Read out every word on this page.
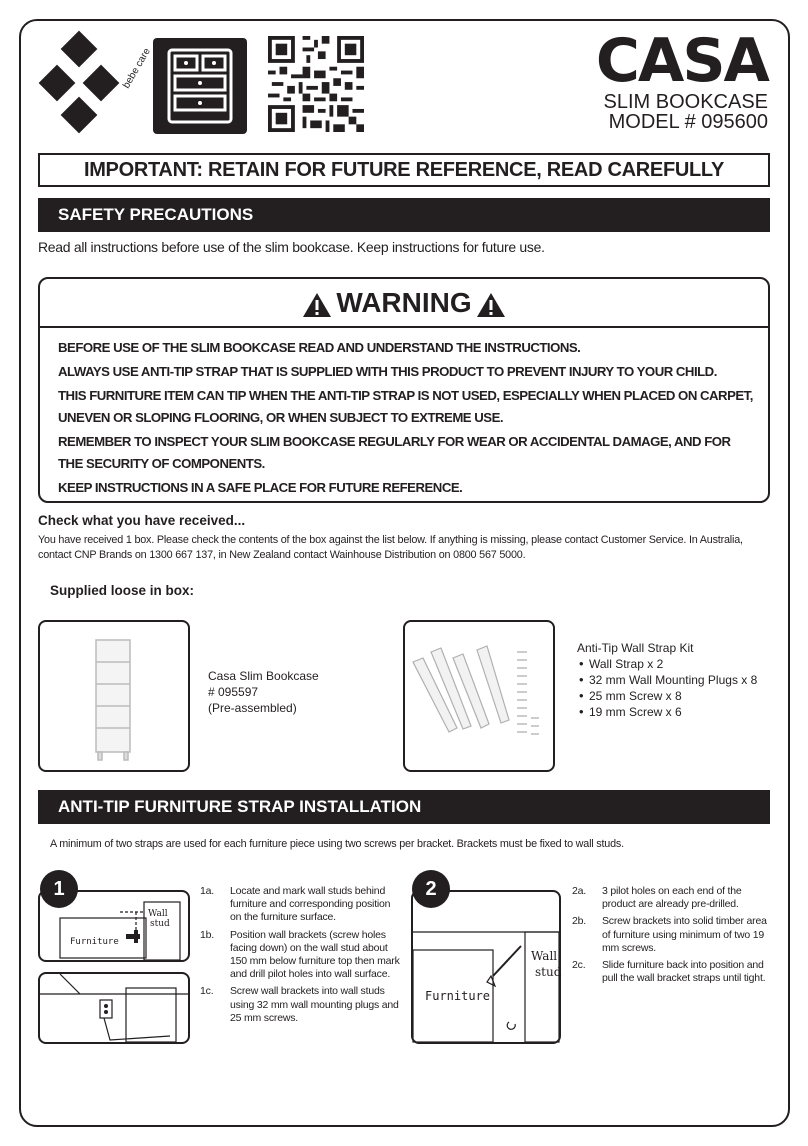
bebe care	CASA
SLIM BOOKCASE
MODEL # 095600
IMPORTANT: RETAIN FOR FUTURE REFERENCE, READ CAREFULLY
SAFETY PRECAUTIONS
Read all instructions before use of the slim bookcase. Keep instructions for future use.
WARNING

BEFORE USE OF THE SLIM BOOKCASE READ AND UNDERSTAND THE INSTRUCTIONS.

ALWAYS USE ANTI-TIP STRAP THAT IS SUPPLIED WITH THIS PRODUCT TO PREVENT INJURY TO YOUR CHILD.

THIS FURNITURE ITEM CAN TIP WHEN THE ANTI-TIP STRAP IS NOT USED, ESPECIALLY WHEN PLACED ON CARPET, UNEVEN OR SLOPING FLOORING, OR WHEN SUBJECT TO EXTREME USE.

REMEMBER TO INSPECT YOUR SLIM BOOKCASE REGULARLY FOR WEAR OR ACCIDENTAL DAMAGE, AND FOR THE SECURITY OF COMPONENTS.

KEEP INSTRUCTIONS IN A SAFE PLACE FOR FUTURE REFERENCE.

Check what you have received...
You have received 1 box. Please check the contents of the box against the list below. If anything is missing, please contact Customer Service. In Australia, contact CNP Brands on 1300 667 137, in New Zealand contact Wainhouse Distribution on 0800 567 5000.
Supplied loose in box:
Casa Slim Bookcase
# 095597
(Pre-assembled)
Anti-Tip Wall Strap Kit
• Wall Strap x 2
• 32 mm Wall Mounting Plugs x 8
• 25 mm Screw x 8
• 19 mm Screw x 6
ANTI-TIP FURNITURE STRAP INSTALLATION
A minimum of two straps are used for each furniture piece using two screws per bracket. Brackets must be fixed to wall studs.
Wall
stud
Furniture
1	1a.	Locate and mark wall studs behind furniture and corresponding position on the furniture surface.
1b.	Position wall brackets (screw holes facing down) on the wall stud about 150 mm below furniture top then mark and drill pilot holes into wall surface.
1c.	Screw wall brackets into wall studs using 32 mm wall mounting plugs and 25 mm screws.
Wall
stud
Furniture
2	2a.	3 pilot holes on each end of the product are already pre-drilled.
2b.	Screw brackets into solid timber area of furniture using minimum of two 19 mm screws.
2c.	Slide furniture back into position and pull the wall bracket straps until tight.
